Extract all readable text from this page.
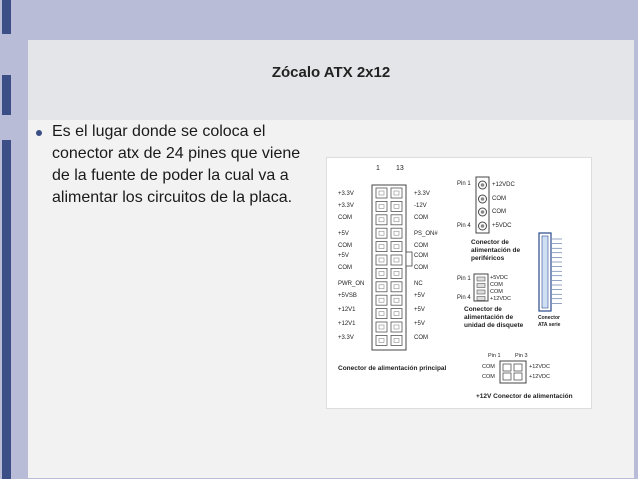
Zócalo ATX 2x12
Es el lugar donde se coloca el conector atx de 24 pines que viene de la fuente de poder la cual va a alimentar los circuitos de la placa.
1 13
+3.3V
+3.3V
COM
+5V
COM
+5V
COM
PWR_ON
+5VSB
+12V1
+12V1
+3.3V
+3.3V
-12V
COM
PS_ON#
COM
COM
COM
NC
+5V
+5V
+5V
COM
Conector de alimentación principal
Pin 1
Pin 4
+12VDC
COM
COM
+5VDC
Conector de
alimentación de
periféricos
Pin 1
Pin 4
+5VDC
COM
COM
+12VDC
Conector de
alimentación de
unidad de disquete
Conector
ATA serie
Pin 1	Pin 3
COM
COM
+12VDC
+12VDC
+12V Conector de alimentación
